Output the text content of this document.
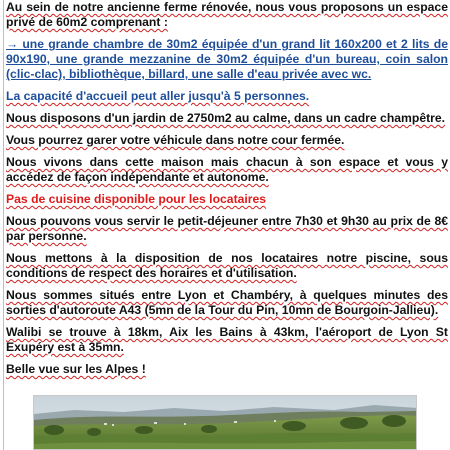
Au sein de notre ancienne ferme rénovée, nous vous proposons un espace privé de 60m2 comprenant :

→ une grande chambre de 30m2 équipée d'un grand lit 160x200 et 2 lits de 90x190, une grande mezzanine de 30m2 équipée d'un bureau, coin salon (clic-clac), bibliothèque, billard, une salle d'eau privée avec wc.

La capacité d'accueil peut aller jusqu'à 5 personnes.

Nous disposons d'un jardin de 2750m2 au calme, dans un cadre champêtre.

Vous pourrez garer votre véhicule dans notre cour fermée.

Nous vivons dans cette maison mais chacun à son espace et vous y accédez de façon indépendante et autonome.

Pas de cuisine disponible pour les locataires

Nous pouvons vous servir le petit-déjeuner entre 7h30 et 9h30 au prix de 8€ par personne.

Nous mettons à la disposition de nos locataires notre piscine, sous conditions de respect des horaires et d'utilisation.

Nous sommes situés entre Lyon et Chambéry, à quelques minutes des sorties d'autoroute A43 (5mn de la Tour du Pin, 10mn de Bourgoin-Jallieu).

Walibi se trouve à 18km, Aix les Bains à 43km, l'aéroport de Lyon St Exupéry est à 35mn.

Belle vue sur les Alpes !
